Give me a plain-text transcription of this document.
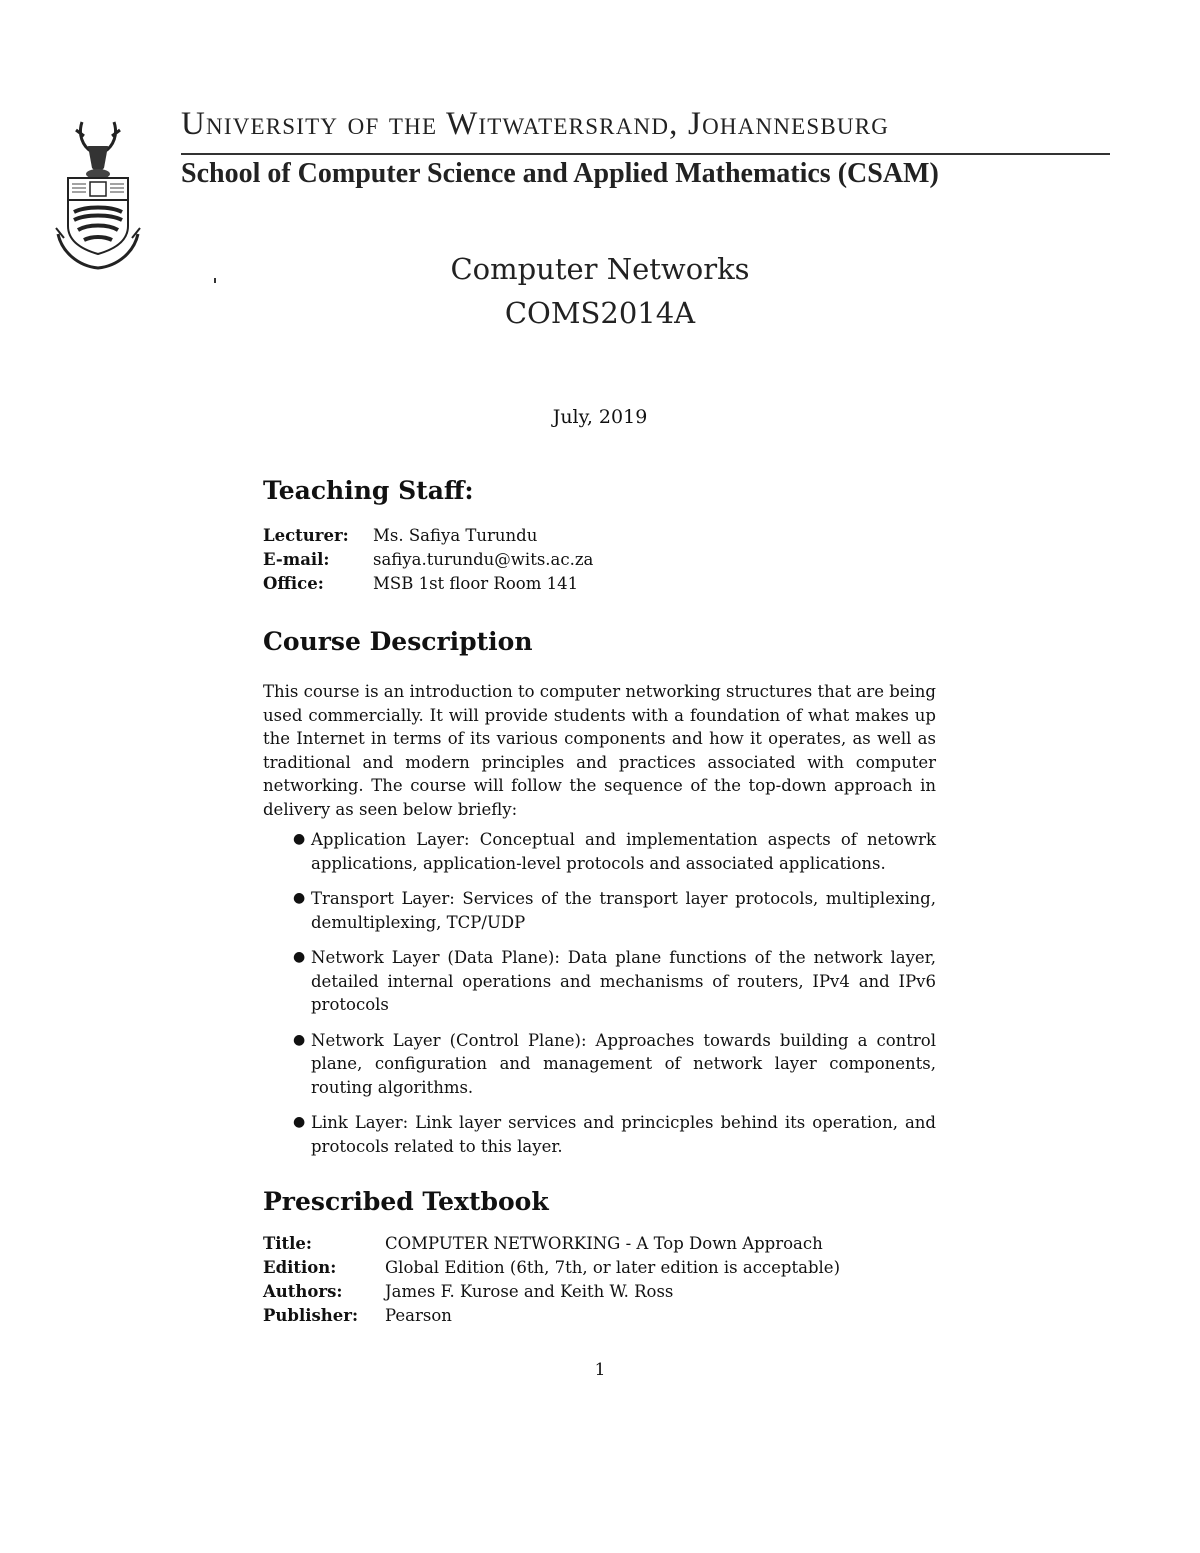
University of the Witwatersrand, Johannesburg
School of Computer Science and Applied Mathematics (CSAM)
Computer Networks
COMS2014A
July, 2019
Teaching Staff:
Lecturer:	Ms. Safiya Turundu
E-mail:	safiya.turundu@wits.ac.za
Office:	MSB 1st floor Room 141
Course Description

This course is an introduction to computer networking structures that are being used commercially. It will provide students with a foundation of what makes up the Internet in terms of its various components and how it operates, as well as traditional and modern principles and practices associated with computer networking. The course will follow the sequence of the top-down approach in delivery as seen below briefly:

● Application Layer: Conceptual and implementation aspects of netowrk applications, application-level protocols and associated applications.
● Transport Layer: Services of the transport layer protocols, multiplexing, demultiplexing, TCP/UDP
● Network Layer (Data Plane): Data plane functions of the network layer, detailed internal operations and mechanisms of routers, IPv4 and IPv6 protocols
● Network Layer (Control Plane): Approaches towards building a control plane, configuration and management of network layer components, routing algorithms.
● Link Layer: Link layer services and princicples behind its operation, and protocols related to this layer.
Prescribed Textbook
Title:	COMPUTER NETWORKING - A Top Down Approach
Edition:	Global Edition (6th, 7th, or later edition is acceptable)
Authors:	James F. Kurose and Keith W. Ross
Publisher:	Pearson
1
